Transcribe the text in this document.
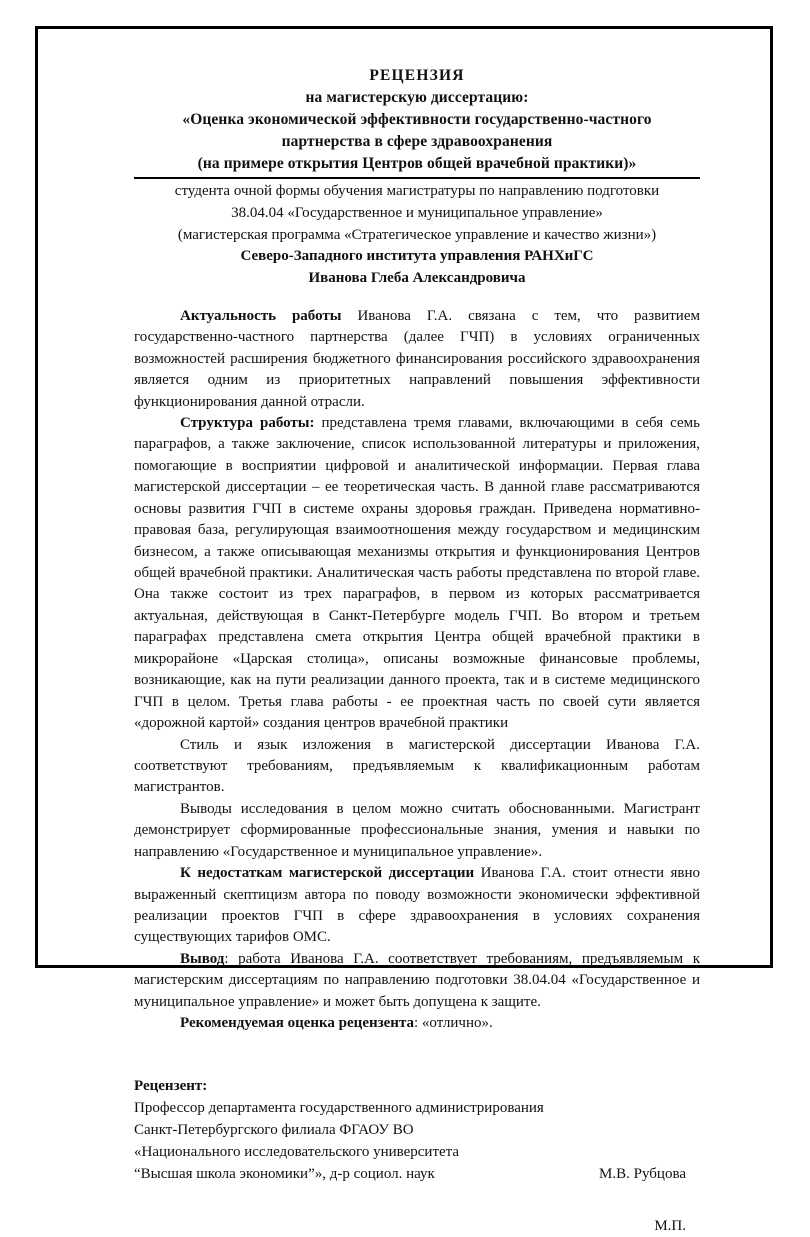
РЕЦЕНЗИЯ
на магистерскую диссертацию:
«Оценка экономической эффективности государственно-частного
партнерства в сфере здравоохранения
(на примере открытия Центров общей врачебной практики)»
студента очной формы обучения магистратуры по направлению подготовки
38.04.04 «Государственное и муниципальное управление»
(магистерская программа «Стратегическое управление и качество жизни»)
Северо-Западного института управления РАНХиГС
Иванова Глеба Александровича

Актуальность работы Иванова Г.А. связана с тем, что развитием государственно-частного партнерства (далее ГЧП) в условиях ограниченных возможностей расширения бюджетного финансирования российского здравоохранения является одним из приоритетных направлений повышения эффективности функционирования данной отрасли.

Структура работы: представлена тремя главами, включающими в себя семь параграфов, а также заключение, список использованной литературы и приложения, помогающие в восприятии цифровой и аналитической информации. Первая глава магистерской диссертации – ее теоретическая часть. В данной главе рассматриваются основы развития ГЧП в системе охраны здоровья граждан. Приведена нормативно-правовая база, регулирующая взаимоотношения между государством и медицинским бизнесом, а также описывающая механизмы открытия и функционирования Центров общей врачебной практики. Аналитическая часть работы представлена по второй главе. Она также состоит из трех параграфов, в первом из которых рассматривается актуальная, действующая в Санкт-Петербурге модель ГЧП. Во втором и третьем параграфах представлена смета открытия Центра общей врачебной практики в микрорайоне «Царская столица», описаны возможные финансовые проблемы, возникающие, как на пути реализации данного проекта, так и в системе медицинского ГЧП в целом. Третья глава работы - ее проектная часть по своей сути является «дорожной картой» создания центров врачебной практики

Стиль и язык изложения в магистерской диссертации Иванова Г.А. соответствуют требованиям, предъявляемым к квалификационным работам магистрантов.

Выводы исследования в целом можно считать обоснованными. Магистрант демонстрирует сформированные профессиональные знания, умения и навыки по направлению «Государственное и муниципальное управление».

К недостаткам магистерской диссертации Иванова Г.А. стоит отнести явно выраженный скептицизм автора по поводу возможности экономически эффективной реализации проектов ГЧП в сфере здравоохранения в условиях сохранения существующих тарифов ОМС.

Вывод: работа Иванова Г.А. соответствует требованиям, предъявляемым к магистерским диссертациям по направлению подготовки 38.04.04 «Государственное и муниципальное управление» и может быть допущена к защите.

Рекомендуемая оценка рецензента: «отлично».

Рецензент:
Профессор департамента государственного администрирования
Санкт-Петербургского филиала ФГАОУ ВО
«Национального исследовательского университета
“Высшая школа экономики”», д-р социол. наук	М.В. Рубцова
М.П.
